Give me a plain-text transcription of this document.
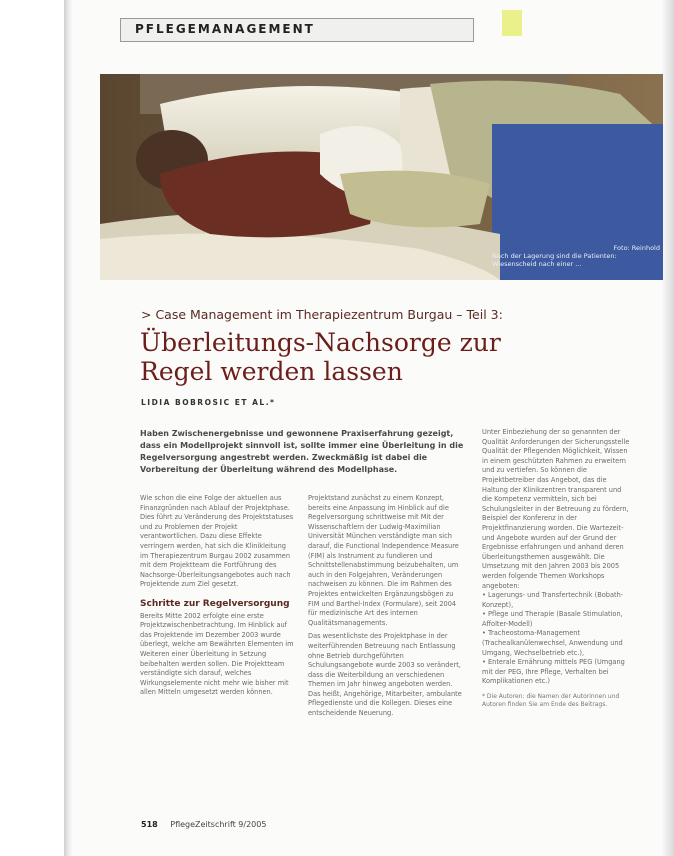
PFLEGEMANAGEMENT
Foto: Reinhold
Nach der Lagerung sind die Patienten: Wiesenscheid nach einer ...
> Case Management im Therapiezentrum Burgau – Teil 3:
Überleitungs-Nachsorge zur
Regel werden lassen
LIDIA BOBROSIC ET AL.*
Haben Zwischenergebnisse und gewonnene Praxiserfahrung gezeigt, dass ein Modellprojekt sinnvoll ist, sollte immer eine Überleitung in die Regelversorgung angestrebt werden. Zweckmäßig ist dabei die Vorbereitung der Überleitung während des Modellphase.
Wie schon die eine Folge der aktuellen aus Finanzgründen nach Ablauf der Projektphase. Dies führt zu Veränderung des Projektstatuses und zu Problemen der Projekt verantwortlichen. Dazu diese Effekte verringern werden, hat sich die Klinikleitung im Therapiezentrum Burgau 2002 zusammen mit dem Projektteam die Fortführung des Nachsorge-Überleitungsangebotes auch nach Projektende zum Ziel gesetzt.
Schritte zur Regelversorgung
Bereits Mitte 2002 erfolgte eine erste Projektzwischenbetrachtung. Im Hinblick auf das Projektende im Dezember 2003 wurde überlegt, welche am Bewährten Elementen im Weiteren einer Überleitung in Setzung beibehalten werden sollen. Die Projektteam verständigte sich darauf, welches Wirkungselemente nicht mehr wie bisher mit allen Mitteln umgesetzt werden können.
Projektstand zunächst zu einem Konzept, bereits eine Anpassung im Hinblick auf die Regelversorgung schrittweise mit Mit der Wissenschaftlern der Ludwig-Maximilian Universität München verständigte man sich darauf, die Functional Independence Measure (FIM) als Instrument zu fundieren und Schnittstellenabstimmung beizubehalten, um auch in den Folgejahren, Veränderungen nachweisen zu können. Die im Rahmen des Projektes entwickelten Ergänzungsbögen zu FIM und Barthel-Index (Formulare), seit 2004 für medizinische Art des internen Qualitätsmanagements.
Das wesentlichste des Projektphase in der weiterführenden Betreuung nach Entlassung ohne Betrieb durchgeführten Schulungsangebote wurde 2003 so verändert, dass die Weiterbildung an verschiedenen Themen im Jahr hinweg angeboten werden. Das heißt, Angehörige, Mitarbeiter, ambulante Pflegedienste und die Kollegen. Dieses eine entscheidende Neuerung.
Unter Einbeziehung der so genannten der Qualität Anforderungen der Sicherungsstelle Qualität der Pflegenden Möglichkeit, Wissen in einem geschützten Rahmen zu erweitern und zu vertiefen. So können die Projektbetreiber das Angebot, das die Haltung der Klinikzentren transparent und die Kompetenz vermitteln, sich bei Schulungsleiter in der Betreuung zu fördern, Beispiel der Konferenz in der Projektfinanzierung worden. Die Wartezeit- und Angebote wurden auf der Grund der Ergebnisse erfahrungen und anhand deren Überleitungsthemen ausgewählt. Die Umsetzung mit den Jahren 2003 bis 2005 werden folgende Themen Workshops angeboten:
• Lagerungs- und Transfertechnik (Bobath-Konzept),
• Pflege und Therapie (Basale Stimulation, Affolter-Modell)
• Tracheostoma-Management (Trachealkanülenwechsel, Anwendung und Umgang, Wechselbetrieb etc.),
• Enterale Ernährung mittels PEG (Umgang mit der PEG, Ihre Pflege, Verhalten bei Komplikationen etc.)
* Die Autoren: die Namen der Autorinnen und Autoren finden Sie am Ende des Beitrags.
518 PflegeZeitschrift 9/2005
